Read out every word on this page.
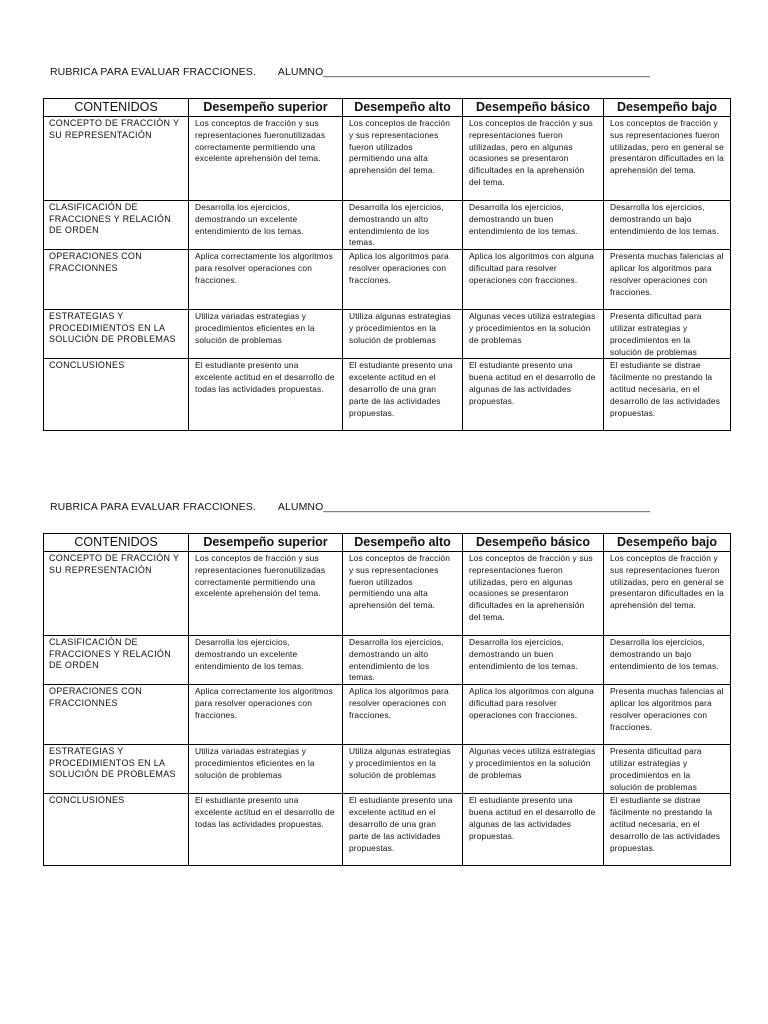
RUBRICA PARA EVALUAR FRACCIONES. ALUMNO_______________________________________________________
CONTENIDOS	Desempeño superior	Desempeño alto	Desempeño básico	Desempeño bajo
CONCEPTO DE FRACCIÓN Y SU REPRESENTACIÓN	Los conceptos de fracción y sus representaciones fueronutilizadas correctamente permitiendo una excelente aprehensión del tema.	Los conceptos de fracción y sus representaciones fueron utilizados permitiendo una alta aprehensión del tema.	Los conceptos de fracción y sus representaciones fueron utilizadas, pero en algunas ocasiones se presentaron dificultades en la aprehensión del tema.	Los conceptos de fracción y sus representaciones fueron utilizadas, pero en general se presentaron dificultades en la aprehensión del tema.
CLASIFICACIÓN DE FRACCIONES Y RELACIÓN DE ORDEN	Desarrolla los ejercicios, demostrando un excelente entendimiento de los temas.	Desarrolla los ejercicios, demostrando un alto entendimiento de los temas.	Desarrolla los ejercicios, demostrando un buen entendimiento de los temas.	Desarrolla los ejercicios, demostrando un bajo entendimiento de los temas.
OPERACIONES CON FRACCIONNES	Aplica correctamente los algoritmos para resolver operaciones con fracciones.	Aplica los algoritmos para resolver operaciones con fracciones.	Aplica los algoritmos con alguna dificultad para resolver operaciones con fracciones.	Presenta muchas falencias al aplicar los algoritmos para resolver operaciones con fracciones.
ESTRATEGIAS Y PROCEDIMIENTOS EN LA SOLUCIÓN DE PROBLEMAS	Utiliza variadas estrategias y procedimientos eficientes en la solución de problemas	Utiliza algunas estrategias y procedimientos en la solución de problemas	Algunas veces utiliza estrategias y procedimientos en la solución de problemas	Presenta dificultad para utilizar estrategias y procedimientos en la solución de problemas
CONCLUSIONES	El estudiante presento una excelente actitud en el desarrollo de todas las actividades propuestas.	El estudiante presento una excelente actitud en el desarrollo de una gran parte de las actividades propuestas.	El estudiante presento una buena actitud en el desarrollo de algunas de las actividades propuestas.	El estudiante se distrae fácilmente no prestando la actitud necesaria, en el desarrollo de las actividades propuestas.
RUBRICA PARA EVALUAR FRACCIONES. ALUMNO_______________________________________________________
CONTENIDOS	Desempeño superior	Desempeño alto	Desempeño básico	Desempeño bajo
CONCEPTO DE FRACCIÓN Y SU REPRESENTACIÓN	Los conceptos de fracción y sus representaciones fueronutilizadas correctamente permitiendo una excelente aprehensión del tema.	Los conceptos de fracción y sus representaciones fueron utilizados permitiendo una alta aprehensión del tema.	Los conceptos de fracción y sus representaciones fueron utilizadas, pero en algunas ocasiones se presentaron dificultades en la aprehensión del tema.	Los conceptos de fracción y sus representaciones fueron utilizadas, pero en general se presentaron dificultades en la aprehensión del tema.
CLASIFICACIÓN DE FRACCIONES Y RELACIÓN DE ORDEN	Desarrolla los ejercicios, demostrando un excelente entendimiento de los temas.	Desarrolla los ejercicios, demostrando un alto entendimiento de los temas.	Desarrolla los ejercicios, demostrando un buen entendimiento de los temas.	Desarrolla los ejercicios, demostrando un bajo entendimiento de los temas.
OPERACIONES CON FRACCIONNES	Aplica correctamente los algoritmos para resolver operaciones con fracciones.	Aplica los algoritmos para resolver operaciones con fracciones.	Aplica los algoritmos con alguna dificultad para resolver operaciones con fracciones.	Presenta muchas falencias al aplicar los algoritmos para resolver operaciones con fracciones.
ESTRATEGIAS Y PROCEDIMIENTOS EN LA SOLUCIÓN DE PROBLEMAS	Utiliza variadas estrategias y procedimientos eficientes en la solución de problemas	Utiliza algunas estrategias y procedimientos en la solución de problemas	Algunas veces utiliza estrategias y procedimientos en la solución de problemas	Presenta dificultad para utilizar estrategias y procedimientos en la solución de problemas
CONCLUSIONES	El estudiante presento una excelente actitud en el desarrollo de todas las actividades propuestas.	El estudiante presento una excelente actitud en el desarrollo de una gran parte de las actividades propuestas.	El estudiante presento una buena actitud en el desarrollo de algunas de las actividades propuestas.	El estudiante se distrae fácilmente no prestando la actitud necesaria, en el desarrollo de las actividades propuestas.
